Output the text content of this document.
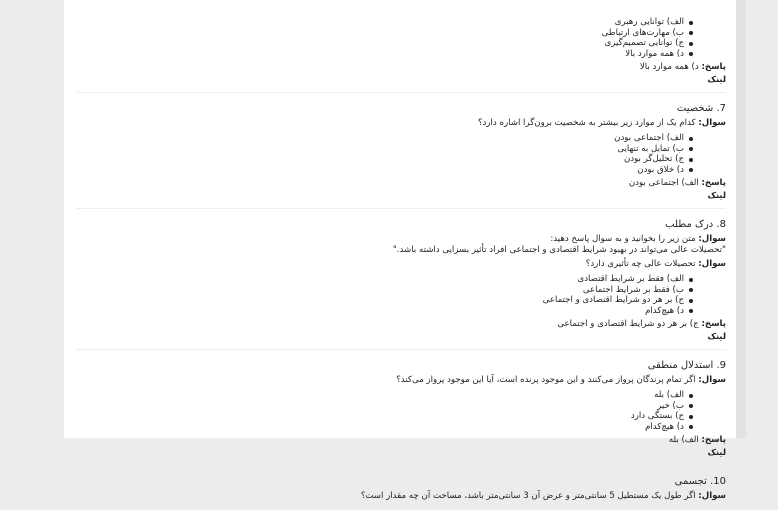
الف) توانایی رهبری
ب) مهارت‌های ارتباطی
ج) توانایی تصمیم‌گیری
د) همه موارد بالا
پاسخ: د) همه موارد بالا
لینک
7. شخصیت
سوال: کدام یک از موارد زیر بیشتر به شخصیت برون‌گرا اشاره دارد؟
الف) اجتماعی بودن
ب) تمایل به تنهایی
ج) تحلیل‌گر بودن
د) خلاق بودن
پاسخ: الف) اجتماعی بودن
لینک
8. درک مطلب
سوال: متن زیر را بخوانید و به سوال پاسخ دهید:
"تحصیلات عالی می‌تواند در بهبود شرایط اقتصادی و اجتماعی افراد تأثیر بسزایی داشته باشد."
سوال: تحصیلات عالی چه تأثیری دارد؟
الف) فقط بر شرایط اقتصادی
ب) فقط بر شرایط اجتماعی
ج) بر هر دو شرایط اقتصادی و اجتماعی
د) هیچ‌کدام
پاسخ: ج) بر هر دو شرایط اقتصادی و اجتماعی
لینک
9. استدلال منطقی
سوال: اگر تمام پرندگان پرواز می‌کنند و این موجود پرنده است، آیا این موجود پرواز می‌کند؟
الف) بله
ب) خیر
ج) بستگی دارد
د) هیچ‌کدام
پاسخ: الف) بله
لینک
10. تجسمی
سوال: اگر طول یک مستطیل 5 سانتی‌متر و عرض آن 3 سانتی‌متر باشد، مساحت آن چه مقدار است؟
